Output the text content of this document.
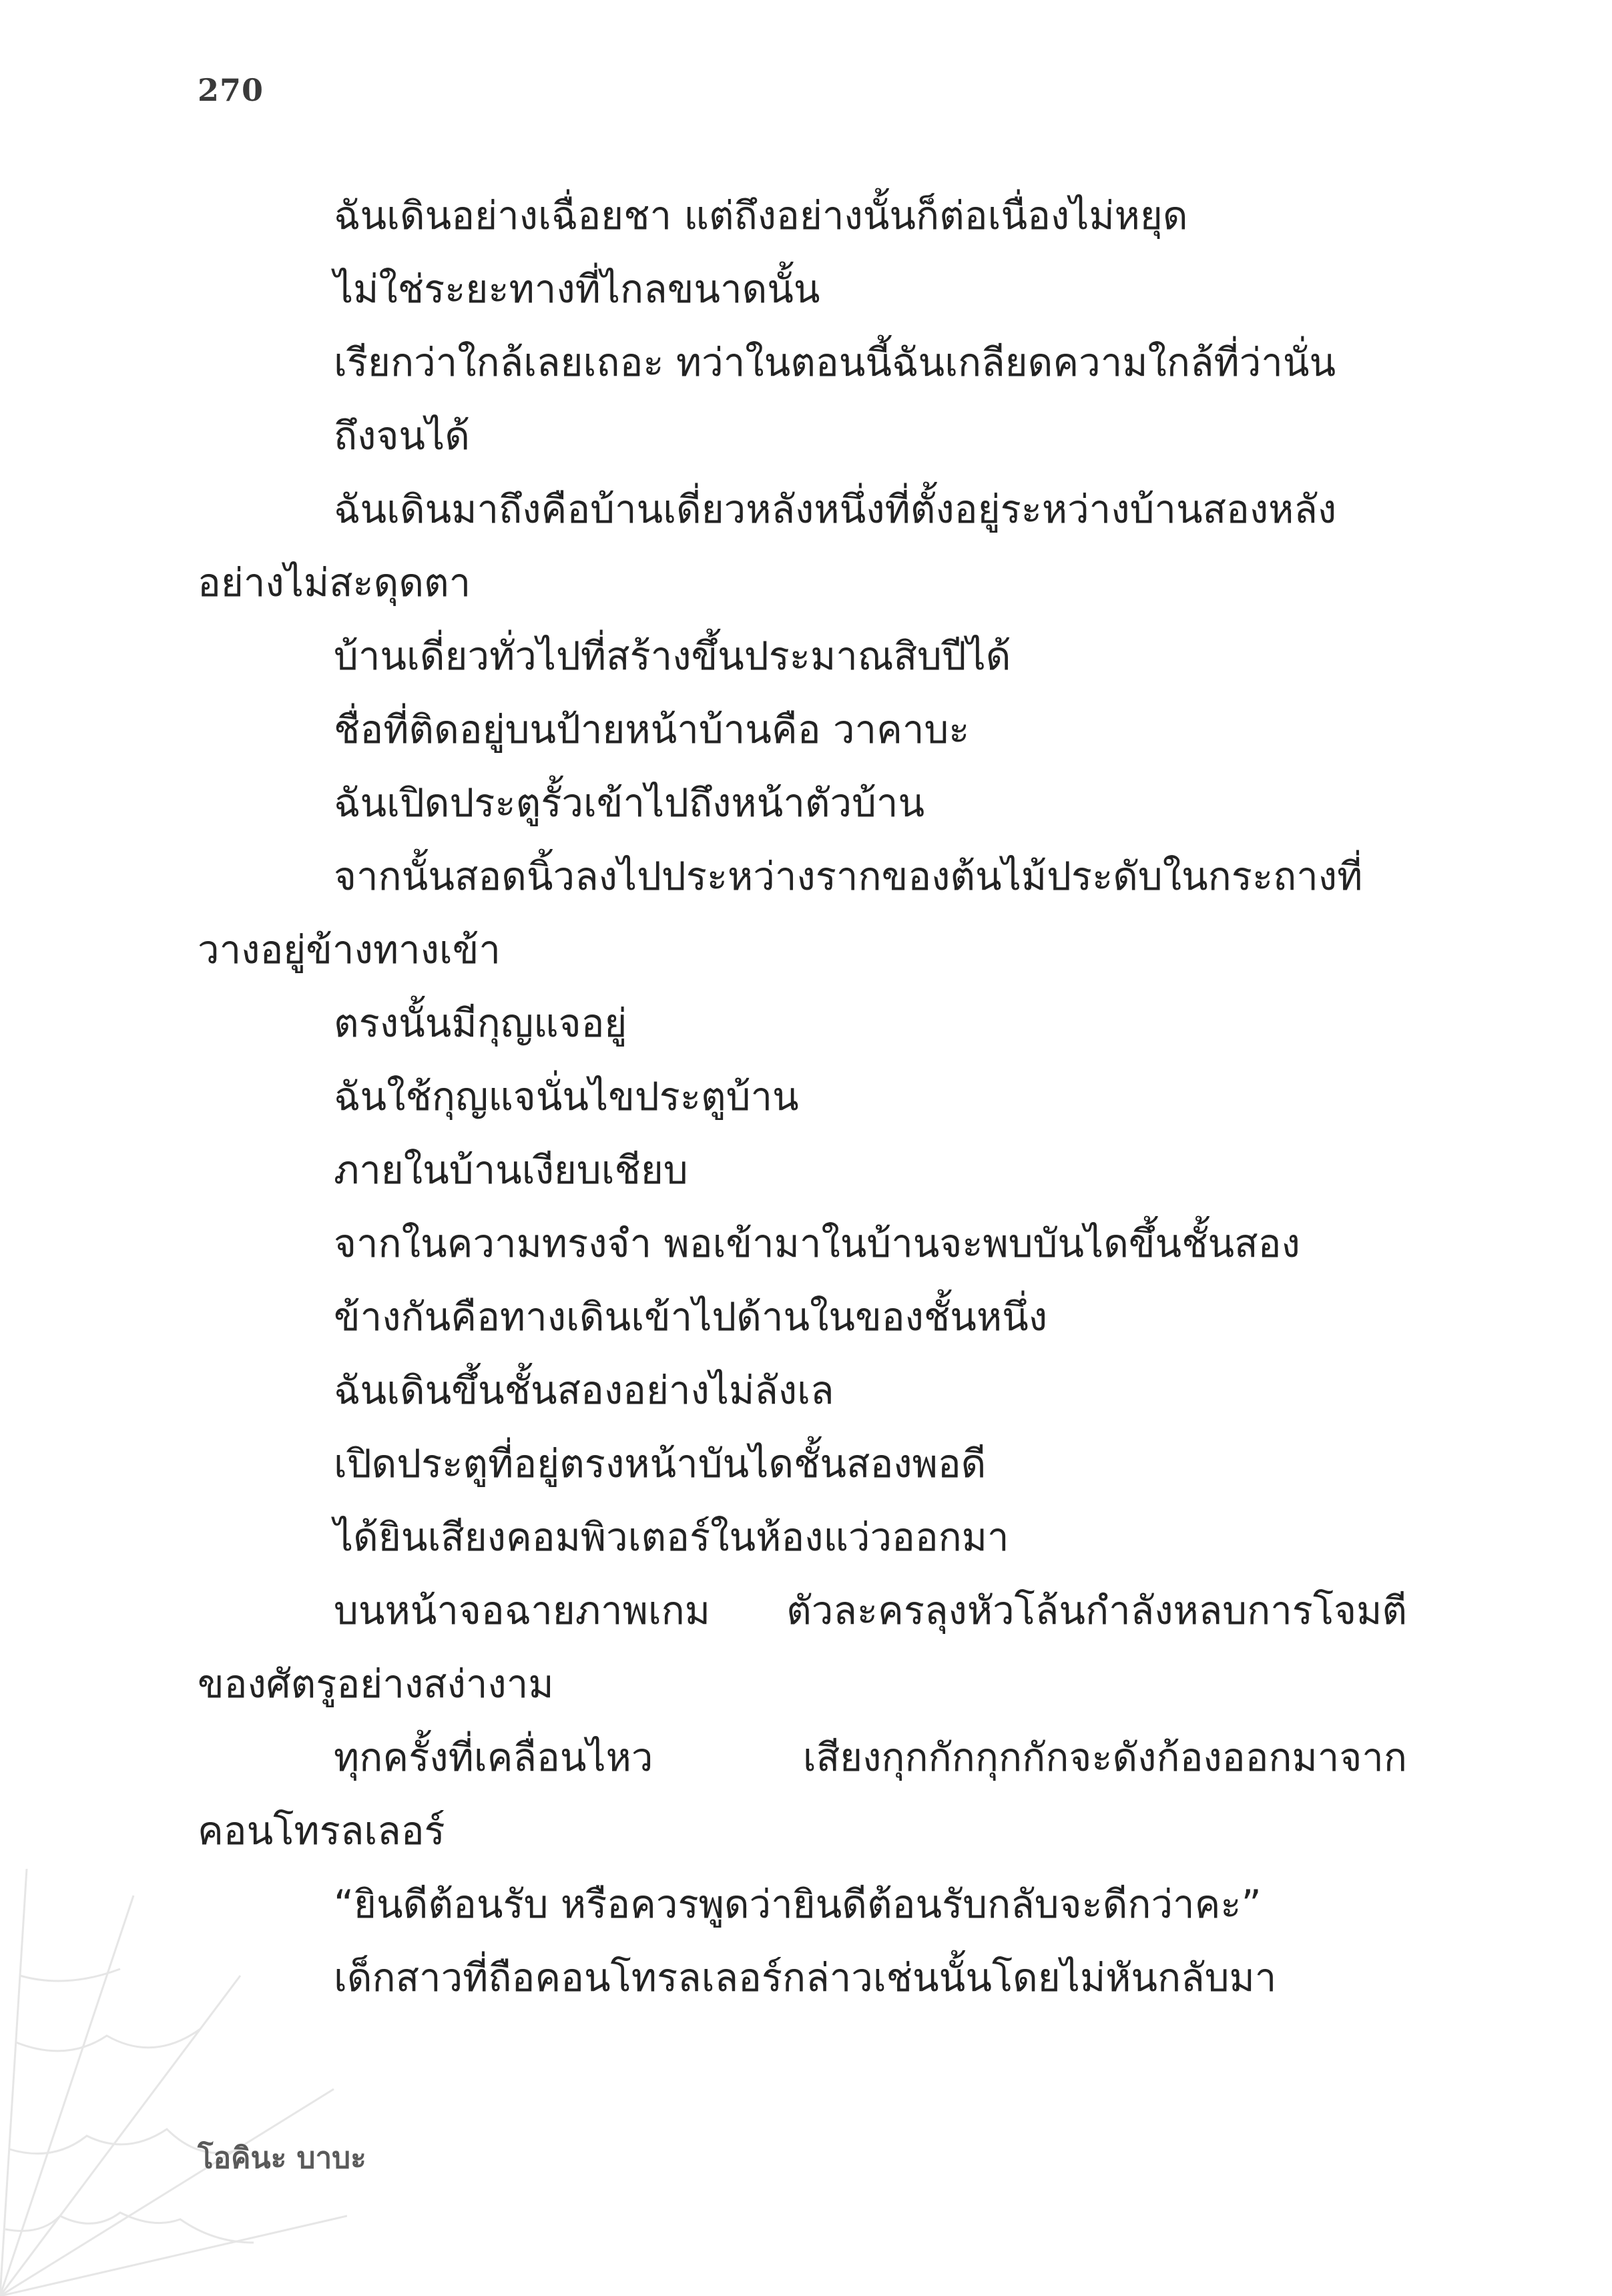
270

ฉันเดินอย่างเฉื่อยชา แต่ถึงอย่างนั้นก็ต่อเนื่องไม่หยุด

ไม่ใช่ระยะทางที่ไกลขนาดนั้น

เรียกว่าใกล้เลยเถอะ ทว่าในตอนนี้ฉันเกลียดความใกล้ที่ว่านั่น

ถึงจนได้

ฉันเดินมาถึงคือบ้านเดี่ยวหลังหนึ่งที่ตั้งอยู่ระหว่างบ้านสองหลังอย่างไม่สะดุดตา

บ้านเดี่ยวทั่วไปที่สร้างขึ้นประมาณสิบปีได้

ชื่อที่ติดอยู่บนป้ายหน้าบ้านคือ วาคาบะ

ฉันเปิดประตูรั้วเข้าไปถึงหน้าตัวบ้าน

จากนั้นสอดนิ้วลงไปประหว่างรากของต้นไม้ประดับในกระถางที่วางอยู่ข้างทางเข้า

ตรงนั้นมีกุญแจอยู่

ฉันใช้กุญแจนั่นไขประตูบ้าน

ภายในบ้านเงียบเชียบ

จากในความทรงจำ พอเข้ามาในบ้านจะพบบันไดขึ้นชั้นสอง

ข้างกันคือทางเดินเข้าไปด้านในของชั้นหนึ่ง

ฉันเดินขึ้นชั้นสองอย่างไม่ลังเล

เปิดประตูที่อยู่ตรงหน้าบันไดชั้นสองพอดี

ได้ยินเสียงคอมพิวเตอร์ในห้องแว่วออกมา

บนหน้าจอฉายภาพเกม ตัวละครลุงหัวโล้นกำลังหลบการโจมตีของศัตรูอย่างสง่างาม

ทุกครั้งที่เคลื่อนไหว เสียงกุกกักกุกกักจะดังก้องออกมาจากคอนโทรลเลอร์

“ยินดีต้อนรับ หรือควรพูดว่ายินดีต้อนรับกลับจะดีกว่าคะ”

เด็กสาวที่ถือคอนโทรลเลอร์กล่าวเช่นนั้นโดยไม่หันกลับมา

โอคินะ บาบะ
